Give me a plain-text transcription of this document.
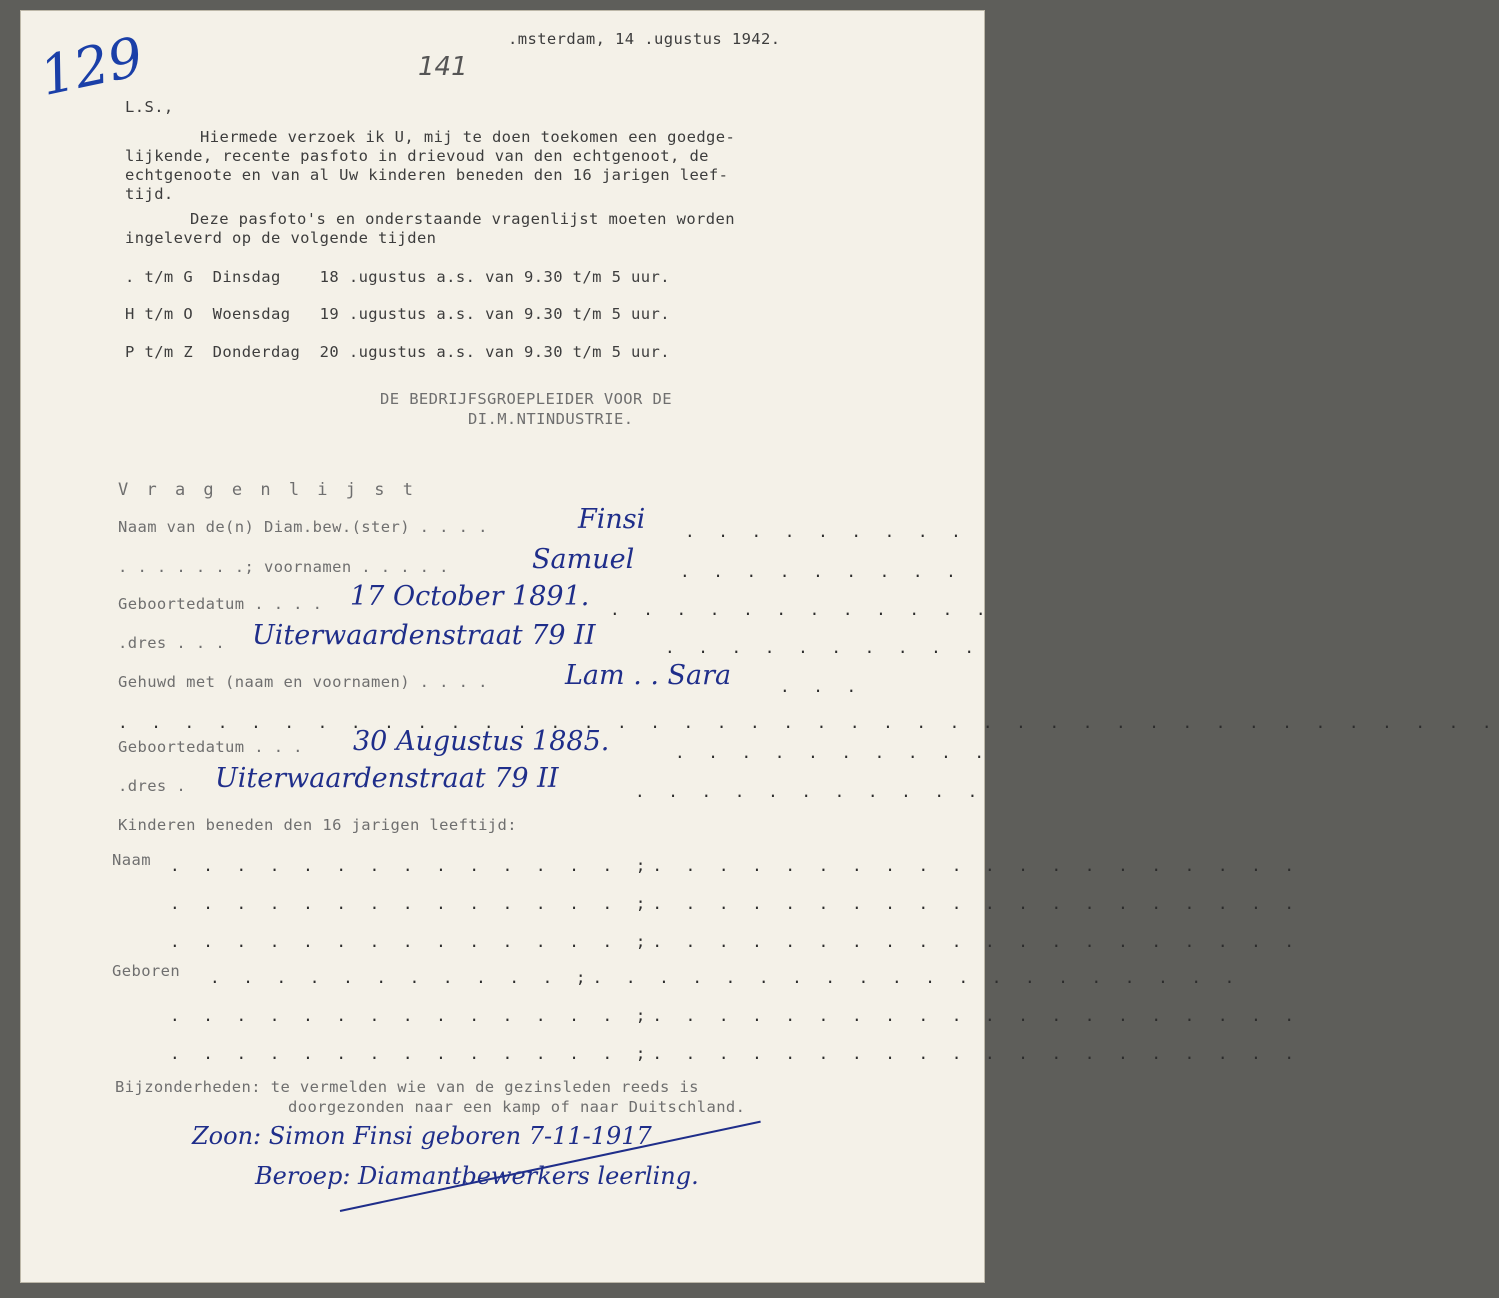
129	141
.msterdam, 14 .ugustus 1942.
L.S.,
Hiermede verzoek ik U, mij te doen toekomen een goedge-
lijkende, recente pasfoto in drievoud van den echtgenoot, de
echtgenoote en van al Uw kinderen beneden den 16 jarigen leef-
tijd.
Deze pasfoto's en onderstaande vragenlijst moeten worden
ingeleverd op de volgende tijden
. t/m G  Dinsdag    18 .ugustus a.s. van 9.30 t/m 5 uur.
H t/m O  Woensdag   19 .ugustus a.s. van 9.30 t/m 5 uur.
P t/m Z  Donderdag  20 .ugustus a.s. van 9.30 t/m 5 uur.
DE BEDRIJFSGROEPLEIDER VOOR DE
DI.M.NTINDUSTRIE.
V r a g e n l i j s t
Naam van de(n) Diam.bew.(ster) . . . .	Finsi . . . . . . . . .
. . . . . . .; voornamen . . . . .	Samuel	. . . . . . . . .
Geboortedatum . . . . 17 October 1891. . . . . . . . . . . . .
.dres . . . Uiterwaardenstraat 79 II	. . . . . . . . . .
Gehuwd met (naam en voornamen) . . . .	Lam . . Sara	. . .
. . . . . . . . . . . . . . . . . . . . . . . . . . . . . . . . . . . . . . . . . .
Geboortedatum . . . 30 Augustus 1885.	. . . . . . . . . .
.dres . Uiterwaardenstraat 79 II	. . . . . . . . . . .
Kinderen beneden den 16 jarigen leeftijd:
Naam . . . . . . . . . . . . . . ;. . . . . . . . . . . . . . . . . . . .
. . . . . . . . . . . . . . ;. . . . . . . . . . . . . . . . . . . .
. . . . . . . . . . . . . . ;. . . . . . . . . . . . . . . . . . . .
Geboren . . . . . . . . . . . ;. . . . . . . . . . . . . . . . . . . .
. . . . . . . . . . . . . . ;. . . . . . . . . . . . . . . . . . . .
. . . . . . . . . . . . . . ;. . . . . . . . . . . . . . . . . . . .
Bijzonderheden: te vermelden wie van de gezinsleden reeds is
doorgezonden naar een kamp of naar Duitschland.
Zoon: Simon Finsi geboren 7-11-1917
Beroep: Diamantbewerkers leerling.
